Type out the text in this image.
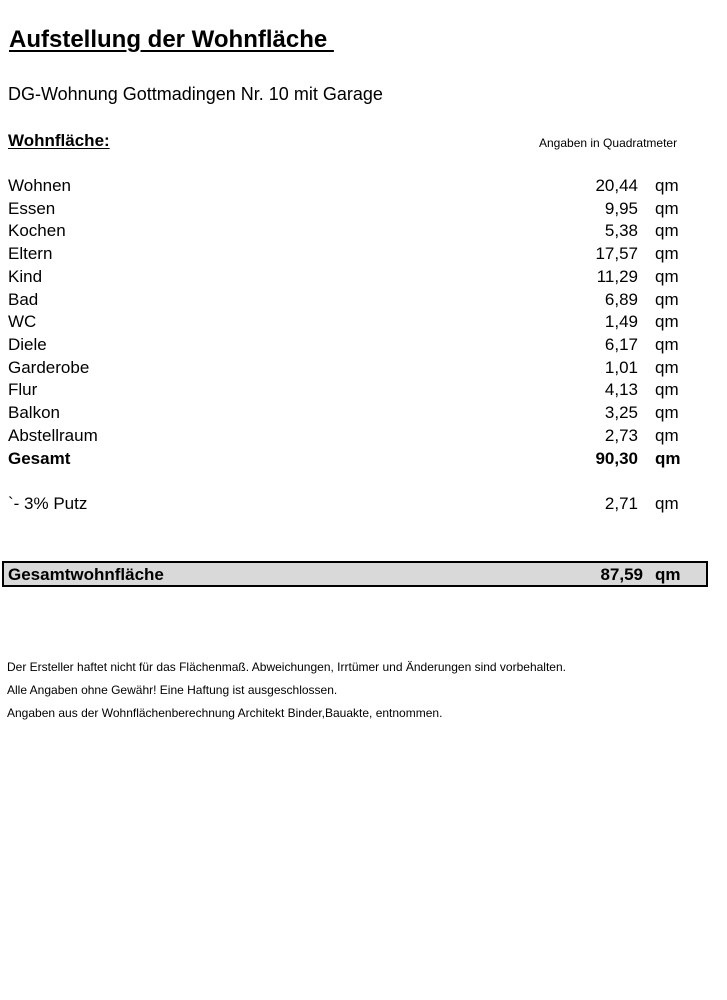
Aufstellung der Wohnfläche
DG-Wohnung Gottmadingen Nr. 10 mit Garage
Wohnfläche:	Angaben in Quadratmeter
Wohnen	20,44 qm
Essen	9,95 qm
Kochen	5,38 qm
Eltern	17,57 qm
Kind	11,29 qm
Bad	6,89 qm
WC	1,49 qm
Diele	6,17 qm
Garderobe	1,01 qm
Flur	4,13 qm
Balkon	3,25 qm
Abstellraum	2,73 qm
Gesamt	90,30 qm
`- 3% Putz	2,71 qm
Gesamtwohnfläche	87,59 qm
Der Ersteller haftet nicht für das Flächenmaß. Abweichungen, Irrtümer und Änderungen sind vorbehalten.
Alle Angaben ohne Gewähr! Eine Haftung ist ausgeschlossen.
Angaben aus der Wohnflächenberechnung Architekt Binder,Bauakte, entnommen.
